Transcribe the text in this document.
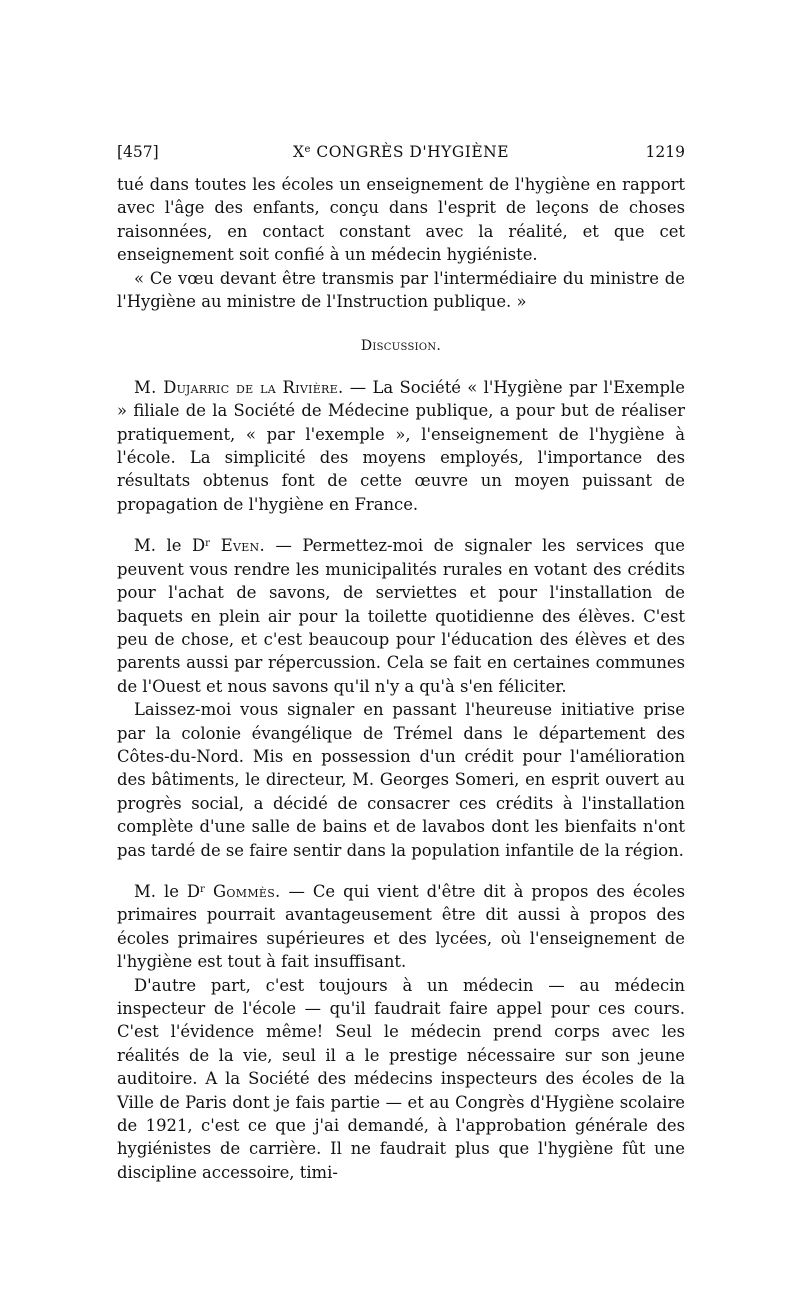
[457]	Xe CONGRÈS D'HYGIÈNE	1219

tué dans toutes les écoles un enseignement de l'hygiène en rapport avec l'âge des enfants, conçu dans l'esprit de leçons de choses raisonnées, en contact constant avec la réalité, et que cet enseignement soit confié à un médecin hygiéniste.

« Ce vœu devant être transmis par l'intermédiaire du ministre de l'Hygiène au ministre de l'Instruction publique. »

Discussion.

M. Dujarric de la Rivière. — La Société « l'Hygiène par l'Exemple » filiale de la Société de Médecine publique, a pour but de réaliser pratiquement, « par l'exemple », l'enseignement de l'hygiène à l'école. La simplicité des moyens employés, l'importance des résultats obtenus font de cette œuvre un moyen puissant de propagation de l'hygiène en France.

M. le $D^r$ Even. — Permettez-moi de signaler les services que peuvent vous rendre les municipalités rurales en votant des crédits pour l'achat de savons, de serviettes et pour l'installation de baquets en plein air pour la toilette quotidienne des élèves. C'est peu de chose, et c'est beaucoup pour l'éducation des élèves et des parents aussi par répercussion. Cela se fait en certaines communes de l'Ouest et nous savons qu'il n'y a qu'à s'en féliciter.

Laissez-moi vous signaler en passant l'heureuse initiative prise par la colonie évangélique de Trémel dans le département des Côtes-du-Nord. Mis en possession d'un crédit pour l'amélioration des bâtiments, le directeur, M. Georges Someri, en esprit ouvert au progrès social, a décidé de consacrer ces crédits à l'installation complète d'une salle de bains et de lavabos dont les bienfaits n'ont pas tardé de se faire sentir dans la population infantile de la région.

M. le $D^r$ Gommès. — Ce qui vient d'être dit à propos des écoles primaires pourrait avantageusement être dit aussi à propos des écoles primaires supérieures et des lycées, où l'enseignement de l'hygiène est tout à fait insuffisant.

D'autre part, c'est toujours à un médecin — au médecin inspecteur de l'école — qu'il faudrait faire appel pour ces cours. C'est l'évidence même! Seul le médecin prend corps avec les réalités de la vie, seul il a le prestige nécessaire sur son jeune auditoire. A la Société des médecins inspecteurs des écoles de la Ville de Paris dont je fais partie — et au Congrès d'Hygiène scolaire de 1921, c'est ce que j'ai demandé, à l'approbation générale des hygiénistes de carrière. Il ne faudrait plus que l'hygiène fût une discipline accessoire, timi-
